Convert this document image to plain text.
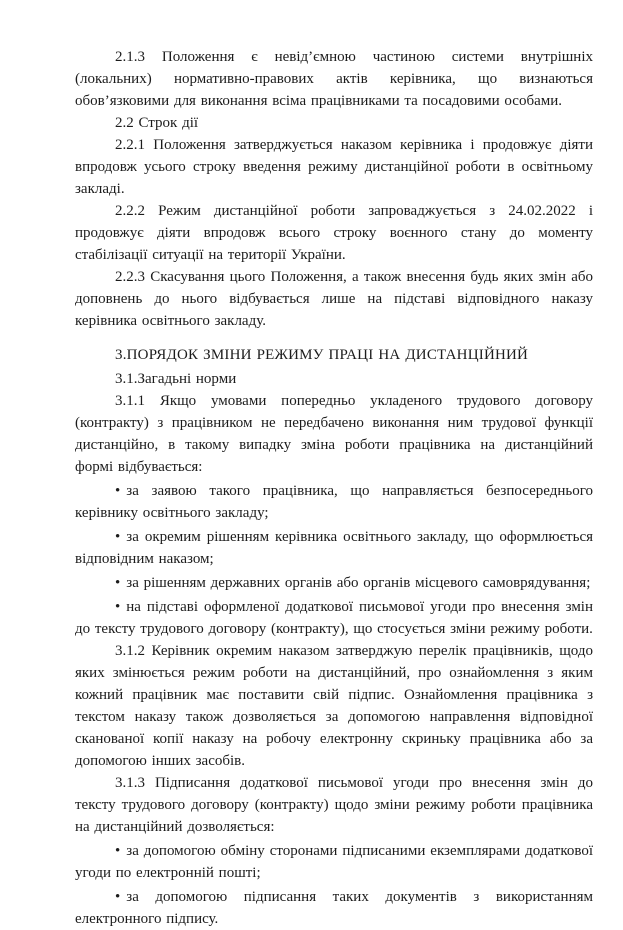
2.1.3 Положення є невід’ємною частиною системи внутрішніх (локальних) нормативно-правових актів керівника, що визнаються обов’язковими для виконання всіма працівниками та посадовими особами.

2.2 Строк дії

2.2.1 Положення затверджується наказом керівника і продовжує діяти впродовж усього строку введення режиму дистанційної роботи в освітньому закладі.

2.2.2 Режим дистанційної роботи запроваджується з 24.02.2022 і продовжує діяти впродовж всього строку воєнного стану до моменту стабілізації ситуації на території України.

2.2.3 Скасування цього Положення, а також внесення будь яких змін або доповнень до нього відбувається лише на підставі відповідного наказу керівника освітнього закладу.

3.ПОРЯДОК ЗМІНИ РЕЖИМУ ПРАЦІ НА ДИСТАНЦІЙНИЙ

3.1.Загадьні норми

3.1.1 Якщо умовами попередньо укладеного трудового договору (контракту) з працівником не передбачено виконання ним трудової функції дистанційно, в такому випадку зміна роботи працівника на дистанційний формі відбувається:

• за заявою такого працівника, що направляється безпосереднього керівнику освітнього закладу;

• за окремим рішенням керівника освітнього закладу, що оформлюється відповідним наказом;

• за рішенням державних органів або органів місцевого самоврядування;

• на підставі оформленої додаткової письмової угоди про внесення змін до тексту трудового договору (контракту), що стосується зміни режиму роботи.

3.1.2 Керівник окремим наказом затверджую перелік працівників, щодо яких змінюється режим роботи на дистанційний, про ознайомлення з яким кожний працівник має поставити свій підпис. Ознайомлення працівника з текстом наказу також дозволяється за допомогою направлення відповідної сканованої копії наказу на робочу електронну скриньку працівника або за допомогою інших засобів.

3.1.3 Підписання додаткової письмової угоди про внесення змін до тексту трудового договору (контракту) щодо зміни режиму роботи працівника на дистанційний дозволяється:

• за допомогою обміну сторонами підписаними екземплярами додаткової угоди по електронній пошті;

• за допомогою підписання таких документів з використанням електронного підпису.
